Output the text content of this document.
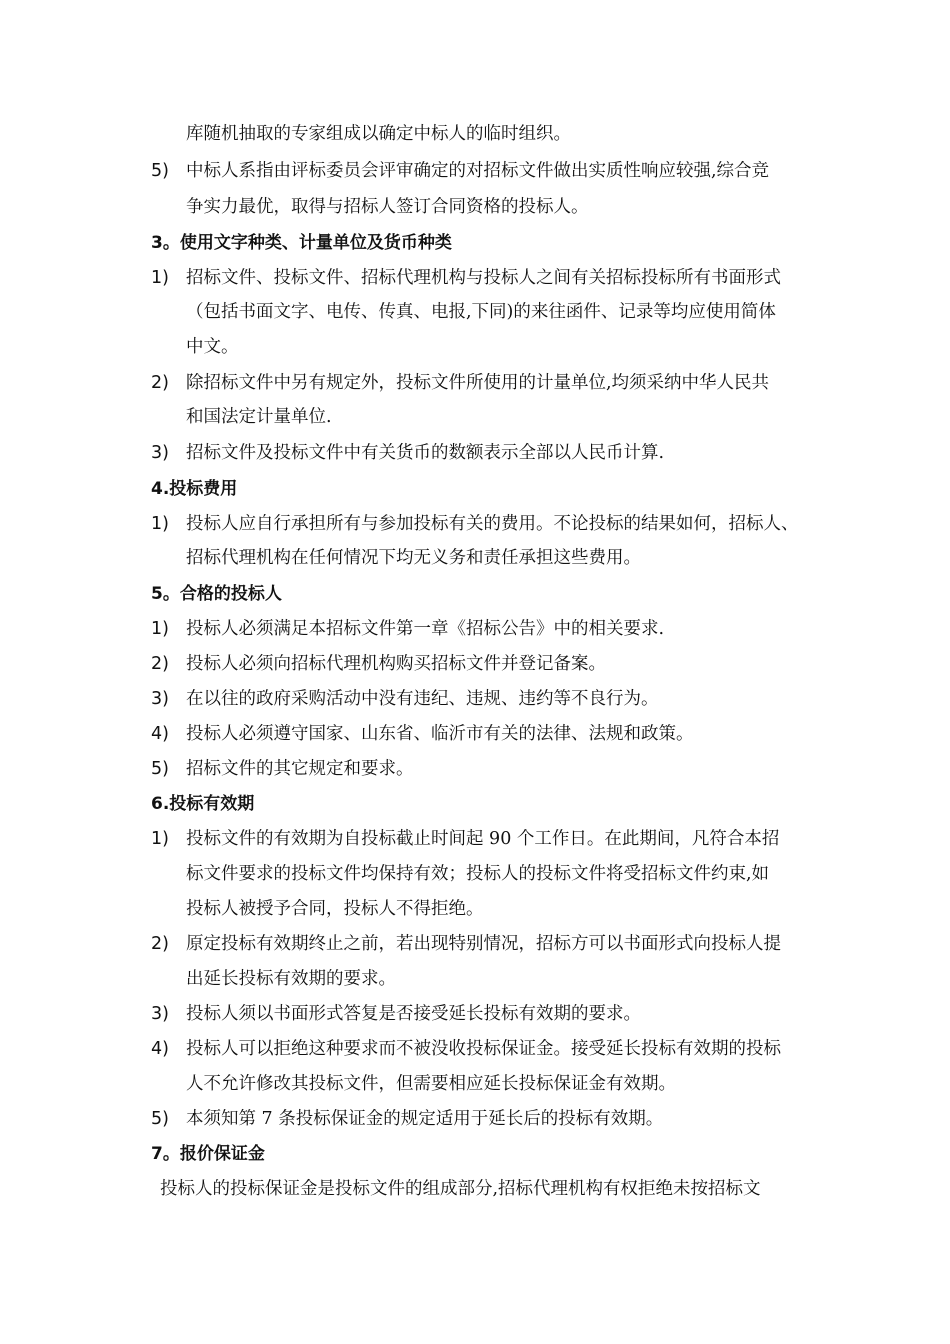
库随机抽取的专家组成以确定中标人的临时组织。
5) 中标人系指由评标委员会评审确定的对招标文件做出实质性响应较强,综合竞
争实力最优，取得与招标人签订合同资格的投标人。
3。使用文字种类、计量单位及货币种类
1) 招标文件、投标文件、招标代理机构与投标人之间有关招标投标所有书面形式
（包括书面文字、电传、传真、电报,下同)的来往函件、记录等均应使用简体
中文。
2) 除招标文件中另有规定外，投标文件所使用的计量单位,均须采纳中华人民共
和国法定计量单位.
3) 招标文件及投标文件中有关货币的数额表示全部以人民币计算.
4.投标费用
1) 投标人应自行承担所有与参加投标有关的费用。不论投标的结果如何，招标人、
招标代理机构在任何情况下均无义务和责任承担这些费用。
5。合格的投标人
1) 投标人必须满足本招标文件第一章《招标公告》中的相关要求.
2) 投标人必须向招标代理机构购买招标文件并登记备案。
3) 在以往的政府采购活动中没有违纪、违规、违约等不良行为。
4) 投标人必须遵守国家、山东省、临沂市有关的法律、法规和政策。
5) 招标文件的其它规定和要求。
6.投标有效期
1) 投标文件的有效期为自投标截止时间起 90 个工作日。在此期间，凡符合本招
标文件要求的投标文件均保持有效；投标人的投标文件将受招标文件约束,如
投标人被授予合同，投标人不得拒绝。
2) 原定投标有效期终止之前，若出现特别情况，招标方可以书面形式向投标人提
出延长投标有效期的要求。
3) 投标人须以书面形式答复是否接受延长投标有效期的要求。
4) 投标人可以拒绝这种要求而不被没收投标保证金。接受延长投标有效期的投标
人不允许修改其投标文件，但需要相应延长投标保证金有效期。
5) 本须知第 7 条投标保证金的规定适用于延长后的投标有效期。
7。报价保证金
投标人的投标保证金是投标文件的组成部分,招标代理机构有权拒绝未按招标文
